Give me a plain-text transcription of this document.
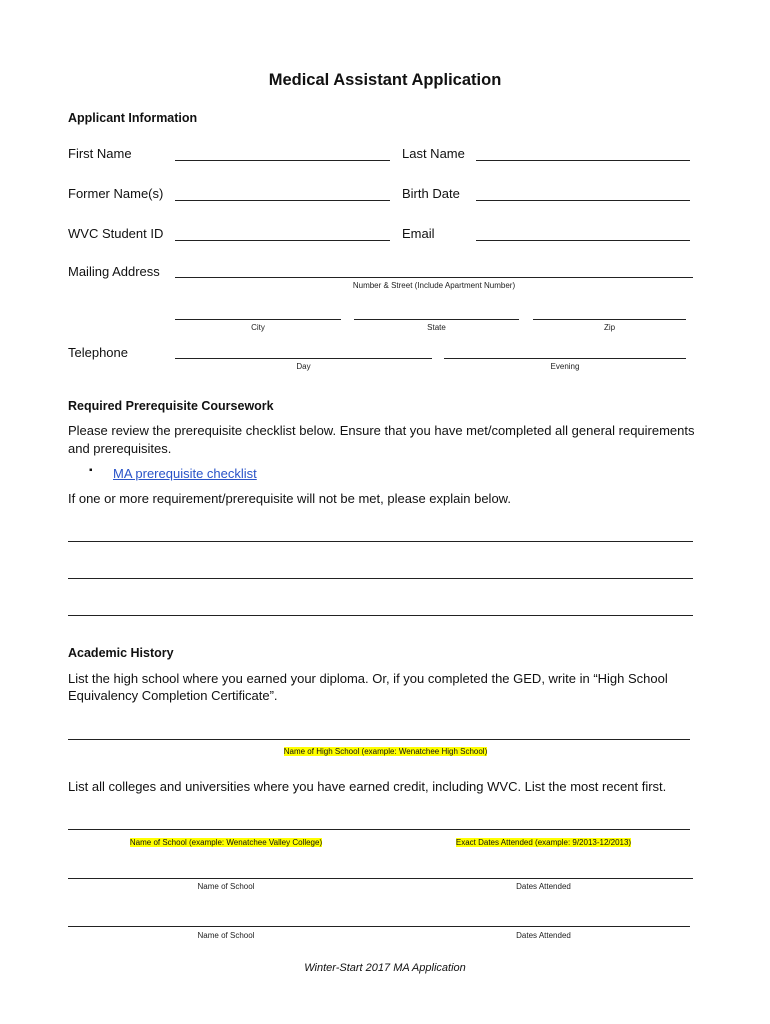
Medical Assistant Application
Applicant Information
First Name	Last Name
Former Name(s)	Birth Date
WVC Student ID	Email
Mailing Address
Number & Street (Include Apartment Number)
City	State	Zip
Telephone
Day	Evening
Required Prerequisite Coursework
Please review the prerequisite checklist below. Ensure that you have met/completed all general requirements
and prerequisites.
▪ MA prerequisite checklist
If one or more requirement/prerequisite will not be met, please explain below.
Academic History
List the high school where you earned your diploma. Or, if you completed the GED, write in “High School
Equivalency Completion Certificate”.
Name of High School (example: Wenatchee High School)
List all colleges and universities where you have earned credit, including WVC. List the most recent first.
Name of School (example: Wenatchee Valley College)	Exact Dates Attended (example: 9/2013-12/2013)
Name of School	Dates Attended
Name of School	Dates Attended
Winter-Start 2017 MA Application
